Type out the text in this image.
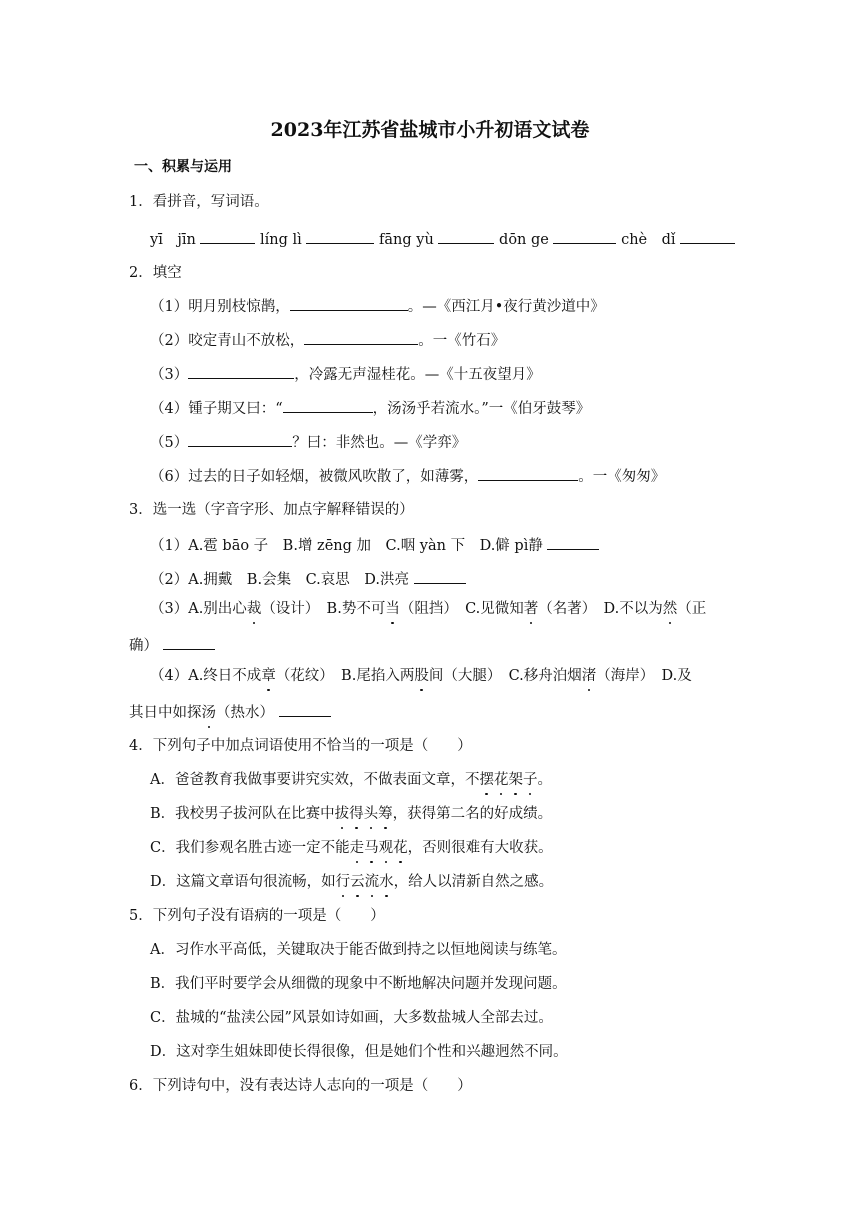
2023年江苏省盐城市小升初语文试卷
一、积累与运用
1．看拼音，写词语。
yī　jīn	líng lì	fāng yù	dōn ge	chè　dǐ
2．填空
（1）明月别枝惊鹊，	。—《西江月•夜行黄沙道中》
（2）咬定青山不放松，	。一《竹石》
（3）	，冷露无声湿桂花。—《十五夜望月》
（4）锺子期又曰：“	，汤汤乎若流水。”一《伯牙鼓琴》
（5）	？曰：非然也。—《学弈》
（6）过去的日子如轻烟，被微风吹散了，如薄雾，	。一《匆匆》
3．选一选（字音字形、加点字解释错误的）
（1）A.雹 bāo 子　B.增 zēng 加　C.咽 yàn 下　D.僻 pì静
（2）A.拥戴　B.会集　C.哀思　D.洪亮
（3）A.别出心裁（设计）　B.势不可当（阻挡）　C.见微知著（名著）　D.不以为然（正
确）
（4）A.终日不成章（花纹）　B.尾掐入两股间（大腿）　C.移舟泊烟渚（海岸）　D.及
其日中如探汤（热水）
4．下列句子中加点词语使用不恰当的一项是（　　）
A．爸爸教育我做事要讲究实效，不做表面文章，不摆花架子。
B．我校男子拔河队在比赛中拔得头筹，获得第二名的好成绩。
C．我们参观名胜古迹一定不能走马观花，否则很难有大收获。
D．这篇文章语句很流畅，如行云流水，给人以清新自然之感。
5．下列句子没有语病的一项是（　　）
A．习作水平高低，关键取决于能否做到持之以恒地阅读与练笔。
B．我们平时要学会从细微的现象中不断地解决问题并发现问题。
C．盐城的“盐渎公园”风景如诗如画，大多数盐城人全部去过。
D．这对孪生姐妹即使长得很像，但是她们个性和兴趣迥然不同。
6．下列诗句中，没有表达诗人志向的一项是（　　）
